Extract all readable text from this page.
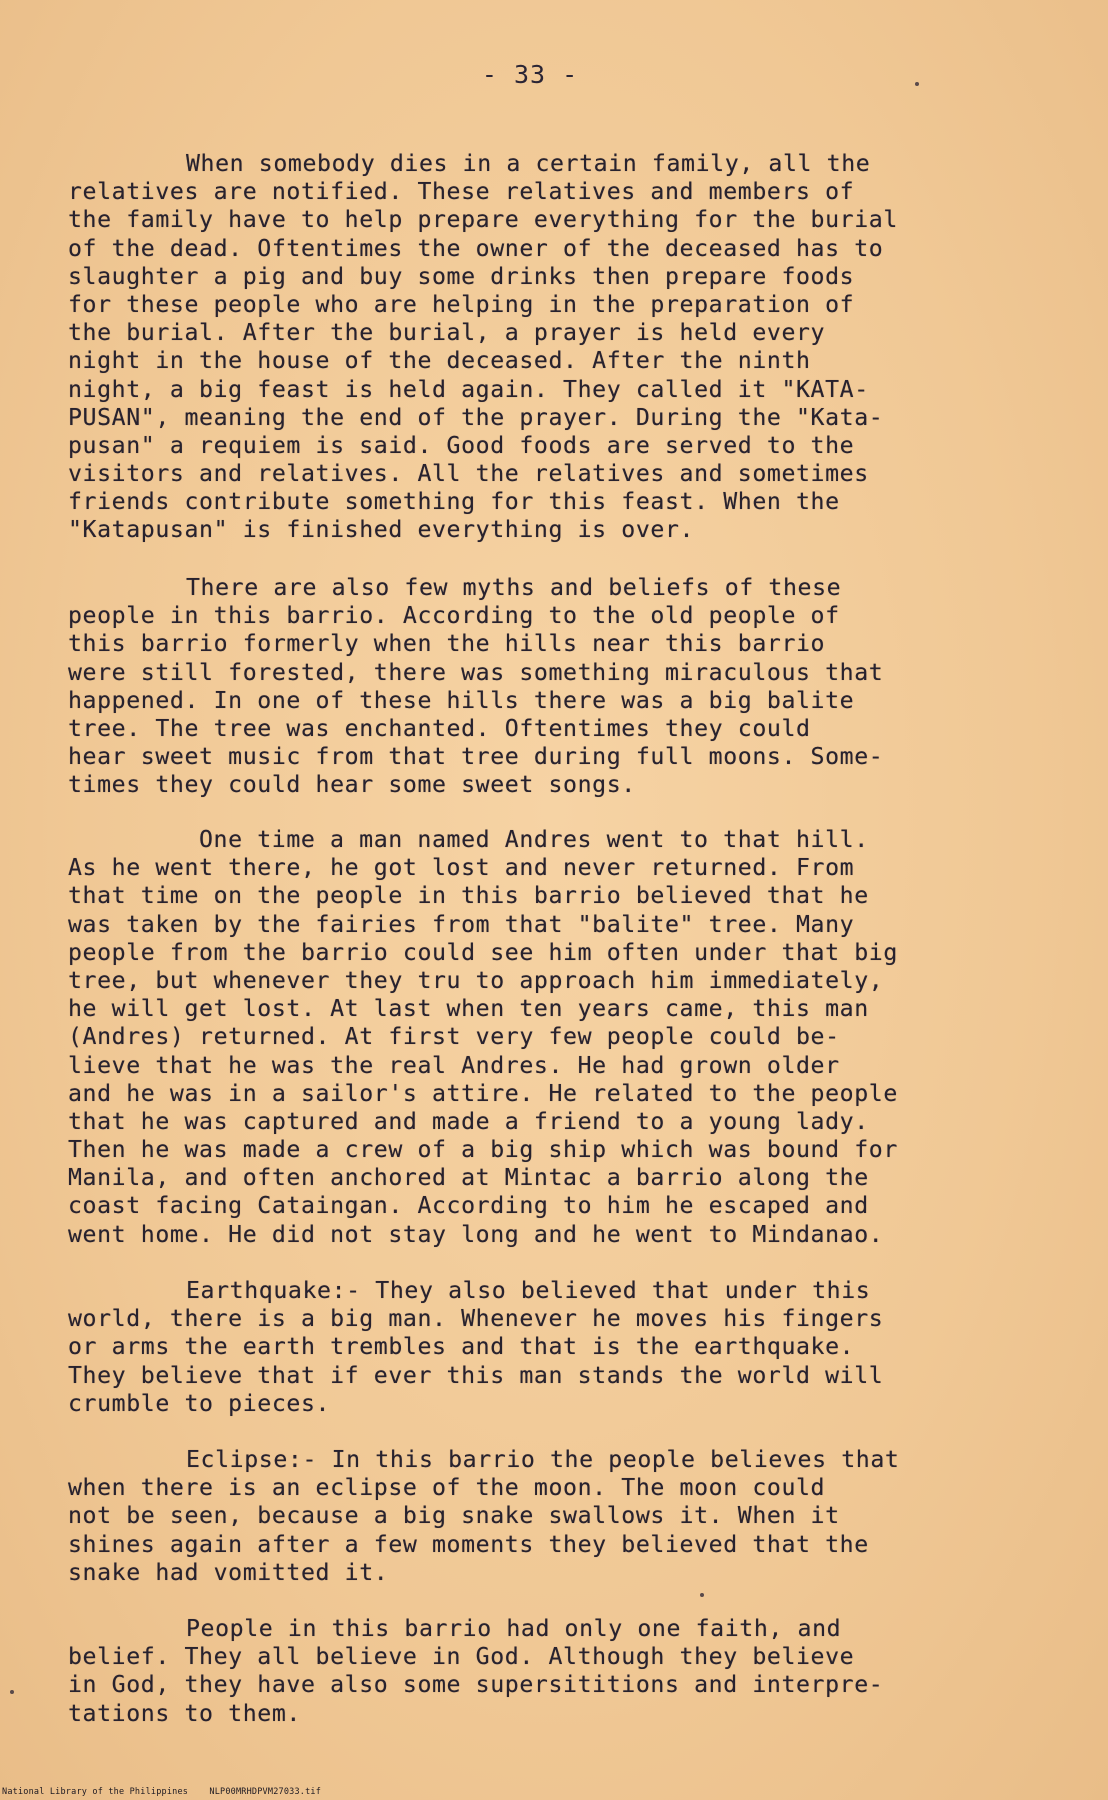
- 33 -
When somebody dies in a certain family, all the
relatives are notified. These relatives and members of
the family have to help prepare everything for the burial
of the dead. Oftentimes the owner of the deceased has to
slaughter a pig and buy some drinks then prepare foods
for these people who are helping in the preparation of
the burial. After the burial, a prayer is held every
night in the house of the deceased. After the ninth
night, a big feast is held again. They called it "KATA-
PUSAN", meaning the end of the prayer. During the "Kata-
pusan" a requiem is said. Good foods are served to the
visitors and relatives. All the relatives and sometimes
friends contribute something for this feast. When the
"Katapusan" is finished everything is over.
There are also few myths and beliefs of these
people in this barrio. According to the old people of
this barrio formerly when the hills near this barrio
were still forested, there was something miraculous that
happened. In one of these hills there was a big balite
tree. The tree was enchanted. Oftentimes they could
hear sweet music from that tree during full moons. Some-
times they could hear some sweet songs.
One time a man named Andres went to that hill.
As he went there, he got lost and never returned. From
that time on the people in this barrio believed that he
was taken by the fairies from that "balite" tree. Many
people from the barrio could see him often under that big
tree, but whenever they tru to approach him immediately,
he will get lost. At last when ten years came, this man
(Andres) returned. At first very few people could be-
lieve that he was the real Andres. He had grown older
and he was in a sailor's attire. He related to the people
that he was captured and made a friend to a young lady.
Then he was made a crew of a big ship which was bound for
Manila, and often anchored at Mintac a barrio along the
coast facing Cataingan. According to him he escaped and
went home. He did not stay long and he went to Mindanao.
Earthquake:- They also believed that under this
world, there is a big man. Whenever he moves his fingers
or arms the earth trembles and that is the earthquake.
They believe that if ever this man stands the world will
crumble to pieces.
Eclipse:- In this barrio the people believes that
when there is an eclipse of the moon. The moon could
not be seen, because a big snake swallows it. When it
shines again after a few moments they believed that the
snake had vomitted it.
People in this barrio had only one faith, and
belief. They all believe in God. Although they believe
in God, they have also some supersititions and interpre-
tations to them.
National Library of the Philippines    NLP00MRHDPVM27033.tif
